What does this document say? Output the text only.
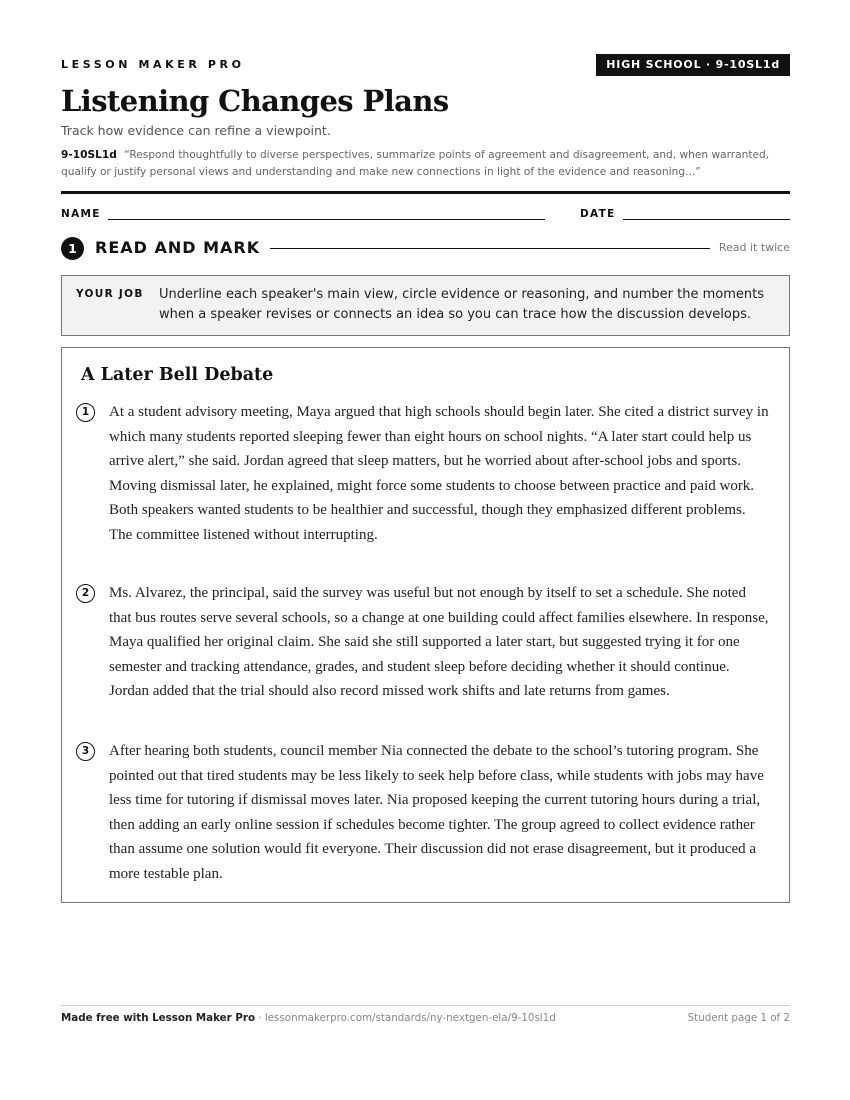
LESSON MAKER PRO	HIGH SCHOOL · 9-10SL1d
Listening Changes Plans
Track how evidence can refine a viewpoint.
9-10SL1d “Respond thoughtfully to diverse perspectives, summarize points of agreement and disagreement, and, when warranted, qualify or justify personal views and understanding and make new connections in light of the evidence and reasoning...”
NAME	DATE
1	READ AND MARK	Read it twice
YOUR JOB Underline each speaker's main view, circle evidence or reasoning, and number the moments when a speaker revises or connects an idea so you can trace how the discussion develops.
A Later Bell Debate
1	At a student advisory meeting, Maya argued that high schools should begin later. She cited a district survey in which many students reported sleeping fewer than eight hours on school nights. “A later start could help us arrive alert,” she said. Jordan agreed that sleep matters, but he worried about after-school jobs and sports. Moving dismissal later, he explained, might force some students to choose between practice and paid work. Both speakers wanted students to be healthier and successful, though they emphasized different problems. The committee listened without interrupting.
2	Ms. Alvarez, the principal, said the survey was useful but not enough by itself to set a schedule. She noted that bus routes serve several schools, so a change at one building could affect families elsewhere. In response, Maya qualified her original claim. She said she still supported a later start, but suggested trying it for one semester and tracking attendance, grades, and student sleep before deciding whether it should continue. Jordan added that the trial should also record missed work shifts and late returns from games.
3	After hearing both students, council member Nia connected the debate to the school’s tutoring program. She pointed out that tired students may be less likely to seek help before class, while students with jobs may have less time for tutoring if dismissal moves later. Nia proposed keeping the current tutoring hours during a trial, then adding an early online session if schedules become tighter. The group agreed to collect evidence rather than assume one solution would fit everyone. Their discussion did not erase disagreement, but it produced a more testable plan.
Made free with Lesson Maker Pro · lessonmakerpro.com/standards/ny-nextgen-ela/9-10sl1d	Student page 1 of 2
